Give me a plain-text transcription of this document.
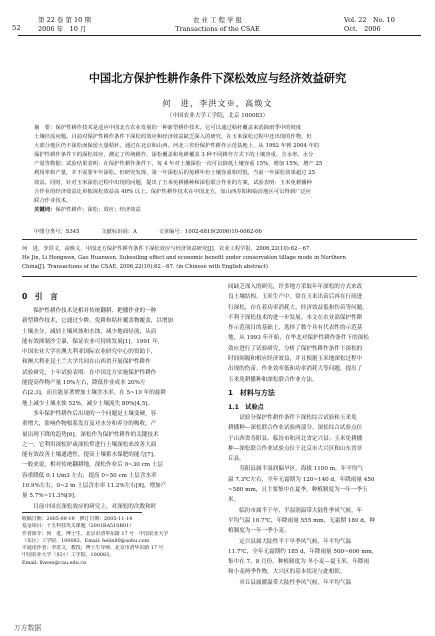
52
第 22 卷 第 10 期
2006 年　10 月
农 业 工 程 学 报
Transactions of the CSAE
Vol. 22　No. 10
Oct.　2006
中国北方保护性耕作条件下深松效应与经济效益研究
何　进，李洪文※，高焕文
（中国农业大学工学院，北京 100083）
摘　要：保护性耕作技术是适应中国北方农业发展的一种新型耕作技术，它可以通过秸秆覆盖来消除雨季中的坡度
土壤径流问题。目前对保护性耕作条件下深松的效应和经济效益缺乏深入的研究，在玉米深松过程中还出现的作物，但
大部分地区仍不深松而保留大量秸秆。通过在北京和山西、河北三省份保护性耕作示范基地上，从 1992 年到 2004 年的
保护性耕作条件下的深松效应，测定了传统耕作、深松覆盖和免耕覆盖 3 种不同耕作方式下的土壤容重、含水率、水分
产量等数据；试验结果表明：在保护性耕作条件下，每 4 年对土壤深松一次可以降低土壤容重 15%，增加 15%，增产 25
利用率和产量，并不需要年年深松。但研究发现，第一年深松后的免耕年份土壤容重相对低，当前一年深松效果超过 25
效益。同时，针对玉米深松过程中出现的问题，提出了玉米免耕播种和深松联合作业的方案，试验表明：玉米免耕播种
合作业的经济效益比单独深松效益高 40% 以上。保护性耕作技术在中国北方，如山西寿阳和临汾地区可以得到广泛应
联合作业技术。
关键词：保护性耕作；深松；效应；经济效益
中图分类号：S345	文献标识码：A	文章编号：1002-6819(2006)10-0062-06
何　进，李洪文，高焕文．中国北方保护性耕作条件下深松效应与经济效益研究[J]．农业工程学报，2006,22(10):62－67．
He Jin, Li Hongwen, Gao Huanwen. Subsoiling effect and economic benefit under conservation tillage mode in Northern
China[J]. Transactions of the CSAE, 2006,22(10):62－67. (in Chinese with English abstract)
0　引　言
　　保护性耕作技术是相对传统翻耕、耙播作业的一种
新型耕作技术，它通过少耕、免耕和秸秆覆盖物覆盖，以增加
土壤水分，减轻土壤风蚀和水蚀，减少地面径流，从而
能有效抑制沙尘暴，保证农业可持续发展[1]。1991 年，
中国农业大学在澳大利亚国际农业研究中心的资助下，
和澳大利亚昆士兰大学共同在山西省开展保护性耕作
试验研究，十年试验表明：在中国北方实施保护性耕作
能提高作物产量 10%左右，降低作业成本 20%左
右[2,3]，而且能显著增加土壤含水率，在 5~10 年的旋耕
地上减少土壤水蚀 52%，减少土壤流失 80%[4,5]。
　　多年保护性耕作后出现的一个问题是土壤变硬，容
重增大，影响作物根系发育及对水分和养分的吸收，产
量出现下降的趋势[6]。深松作为保护性耕作的关键技术
之一，它利用深松铲或深松犁进行土壤深松来改善大面
能有效改善土壤通透性，提高土壤蓄水保肥的能力[7]。
一般来说，相对传统翻耕地，深松作业后 0~30 cm 土层
容重降低 0.1 t/m3 左右，提高 0~50 cm 土层含水率
10.9%左右，0~2 m 土层含水率 11.2%左右[8]，增加产
量 5.7%~11.3%[9]。
　　目前中国在深松效应的研究上，对深松的次数和时
收稿日期：2005-09-19　修订日期：2005-11-14
基金项目：十五科技攻关课题（2001BA510B01）
作者简介：何　进，博士生，北京市清华东路 17 号　中国农业大学
（东区）工学院，100083。Email: heiin80@sohu.com
※通讯作者：李洪文，教授，博士生导师，北京市清华东路 17 号
中国农业大学（东区）工学院，100083。
Email: lhwen@cau.edu.cn
间缺乏深入的研究，许多地方采取年年深松的方式来改
良土壤结构。玉米生产中，常在玉米出苗后再在行间进
行深松，存在着功率消耗大、经济效益低和伤苗等问题。
不利于深松技术的进一步发展。本文在农业部保护性耕
作示范项目的基础上，选择了数个具有代表性的示范基
地，从 1993 年开始，在华北对保护性耕作条件下的深松
效应进行了试验研究，分析了保护性耕作条件下深松的
时间间隔和相应经济效益，并且根据玉米地深松过程中
出现的伤苗、作业效率低和功率消耗大等问题，提出了
玉米免耕播种和深松联合作业方法。
1　材料与方法
1.1　试验点
　　试验分保护性耕作条件下深松综合试验和玉米免
耕播种—深松联合作业试验两部分。深松综合试验点位
于山西省寿阳县、临汾市和河北省定兴县；玉米免耕播
种—深松联合作业试验点位于北京市大兴区和山东省章
丘县。
　　寿阳县属半湿润偏旱区，海拔 1100 m，年平均气
温 7.3℃左右，全年无霜期为 120~140 d，年降雨量 450
~580 mm，且主要集中在夏季，种植制度为一年一季玉
米。
　　临汾市属半干旱、半湿润温带大陆性季风气候，年
平均气温 10.7℃，年降雨量 555 mm，无霜期 180 d，种
植制度为一年一季小麦。
　　定兴县属大陆性半干旱季风气候，年平均气温
11.7℃，全年无霜期约 185 d，年降雨量 500~600 mm，
集中在 7、8 月份，种植制度为 冬小麦—夏玉米。年降雨
和小麦两季作物。大兴区的基本状况与此相似。
　　章丘县属暖温带大陆性季风气候，年平均气温
万方数据
